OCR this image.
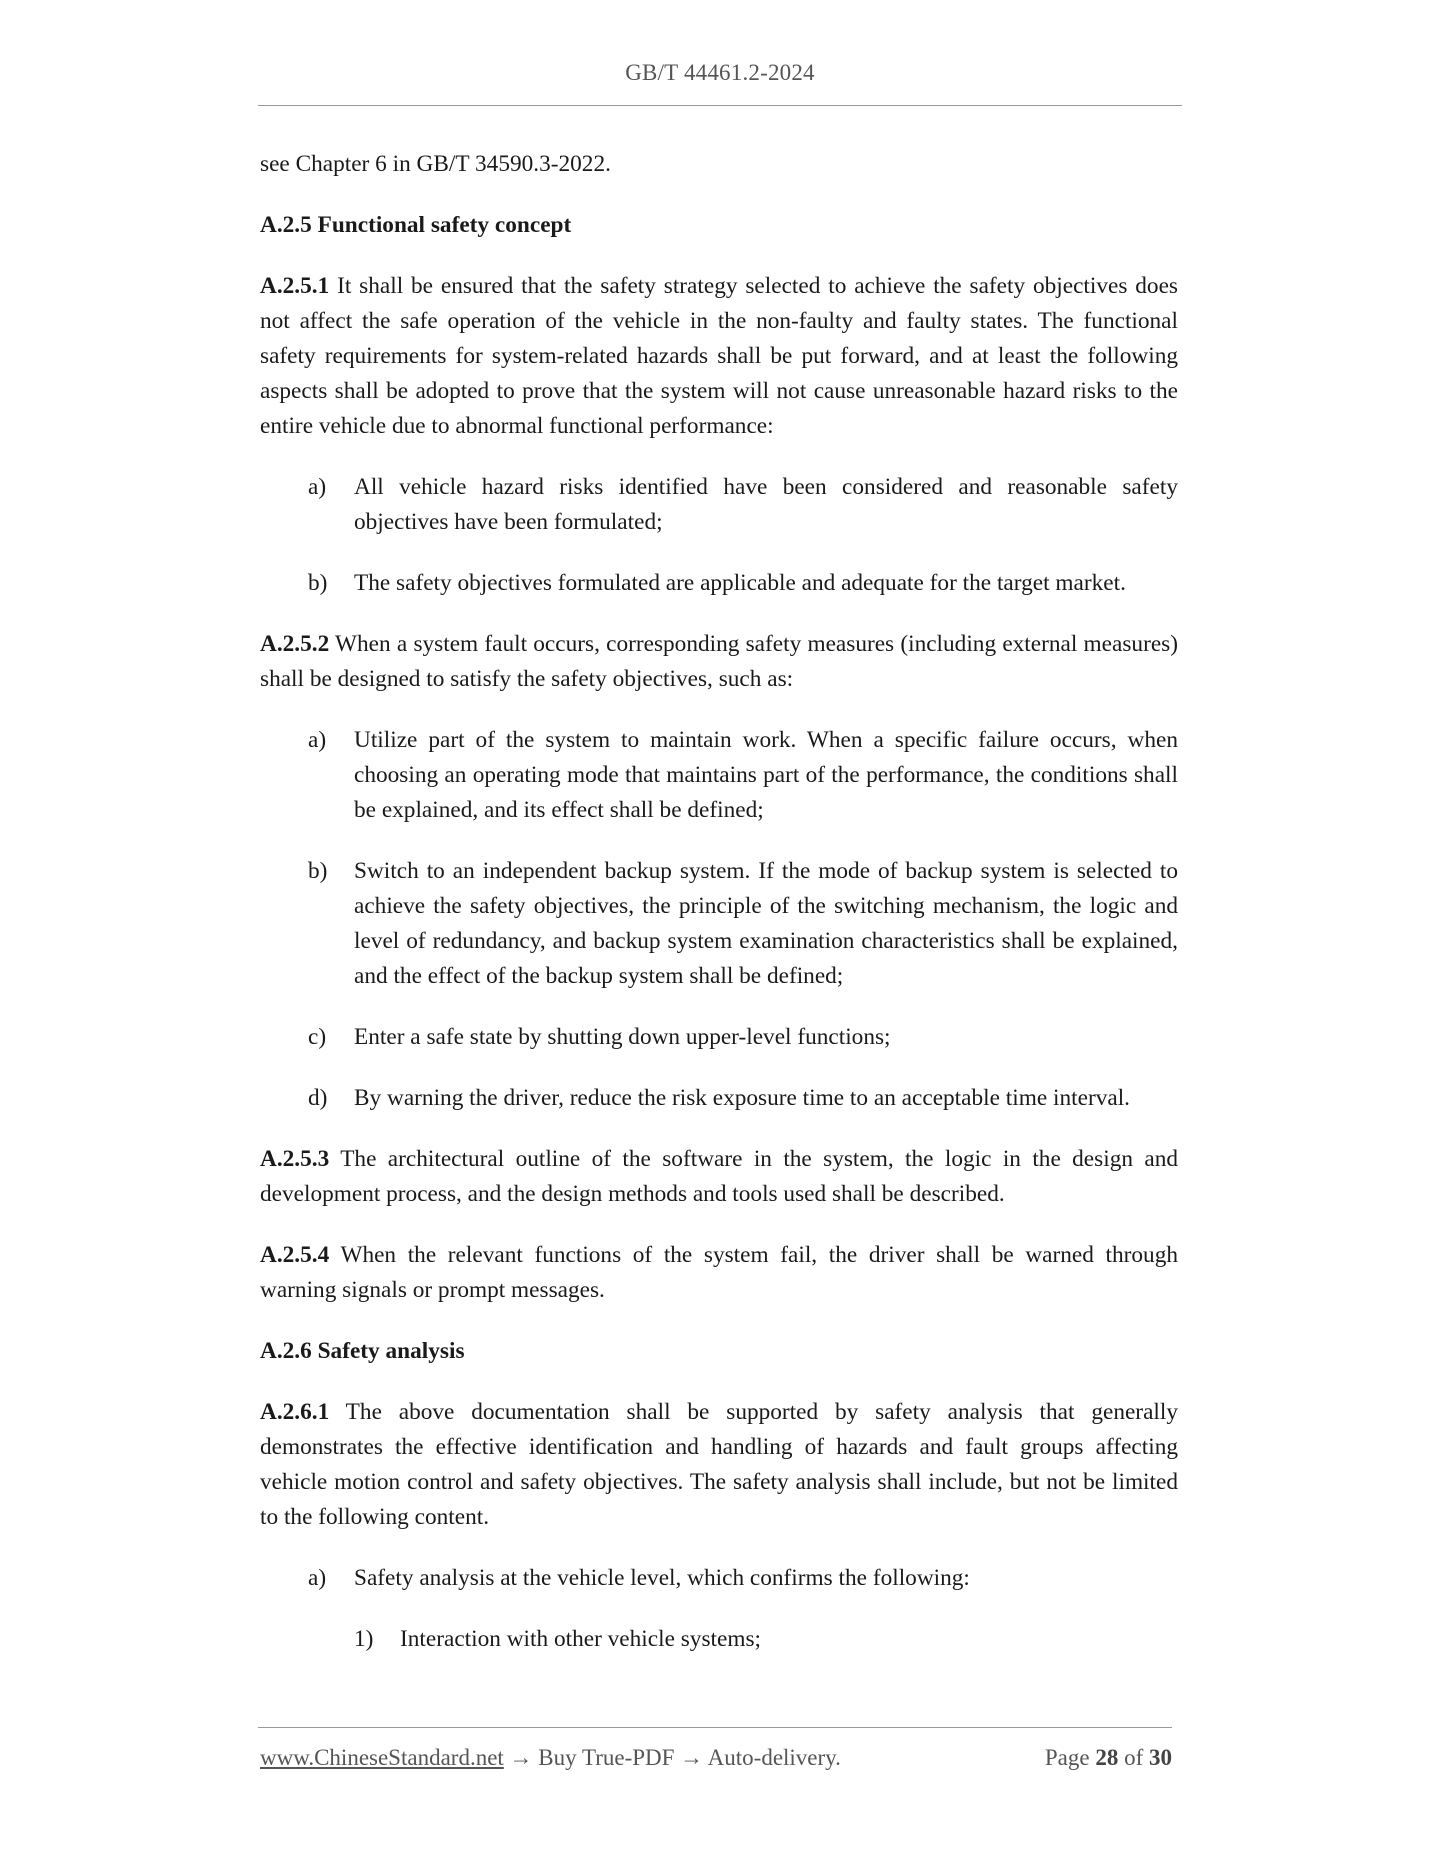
GB/T 44461.2-2024

see Chapter 6 in GB/T 34590.3-2022.

A.2.5 Functional safety concept

A.2.5.1 It shall be ensured that the safety strategy selected to achieve the safety objectives does not affect the safe operation of the vehicle in the non-faulty and faulty states. The functional safety requirements for system-related hazards shall be put forward, and at least the following aspects shall be adopted to prove that the system will not cause unreasonable hazard risks to the entire vehicle due to abnormal functional performance:

a) All vehicle hazard risks identified have been considered and reasonable safety objectives have been formulated;
b) The safety objectives formulated are applicable and adequate for the target market.

A.2.5.2 When a system fault occurs, corresponding safety measures (including external measures) shall be designed to satisfy the safety objectives, such as:

a) Utilize part of the system to maintain work. When a specific failure occurs, when choosing an operating mode that maintains part of the performance, the conditions shall be explained, and its effect shall be defined;
b) Switch to an independent backup system. If the mode of backup system is selected to achieve the safety objectives, the principle of the switching mechanism, the logic and level of redundancy, and backup system examination characteristics shall be explained, and the effect of the backup system shall be defined;
c) Enter a safe state by shutting down upper-level functions;
d) By warning the driver, reduce the risk exposure time to an acceptable time interval.

A.2.5.3 The architectural outline of the software in the system, the logic in the design and development process, and the design methods and tools used shall be described.

A.2.5.4 When the relevant functions of the system fail, the driver shall be warned through warning signals or prompt messages.

A.2.6 Safety analysis

A.2.6.1 The above documentation shall be supported by safety analysis that generally demonstrates the effective identification and handling of hazards and fault groups affecting vehicle motion control and safety objectives. The safety analysis shall include, but not be limited to the following content.

a) Safety analysis at the vehicle level, which confirms the following:
1) Interaction with other vehicle systems;
www.ChineseStandard.net → Buy True-PDF → Auto-delivery.	Page 28 of 30
